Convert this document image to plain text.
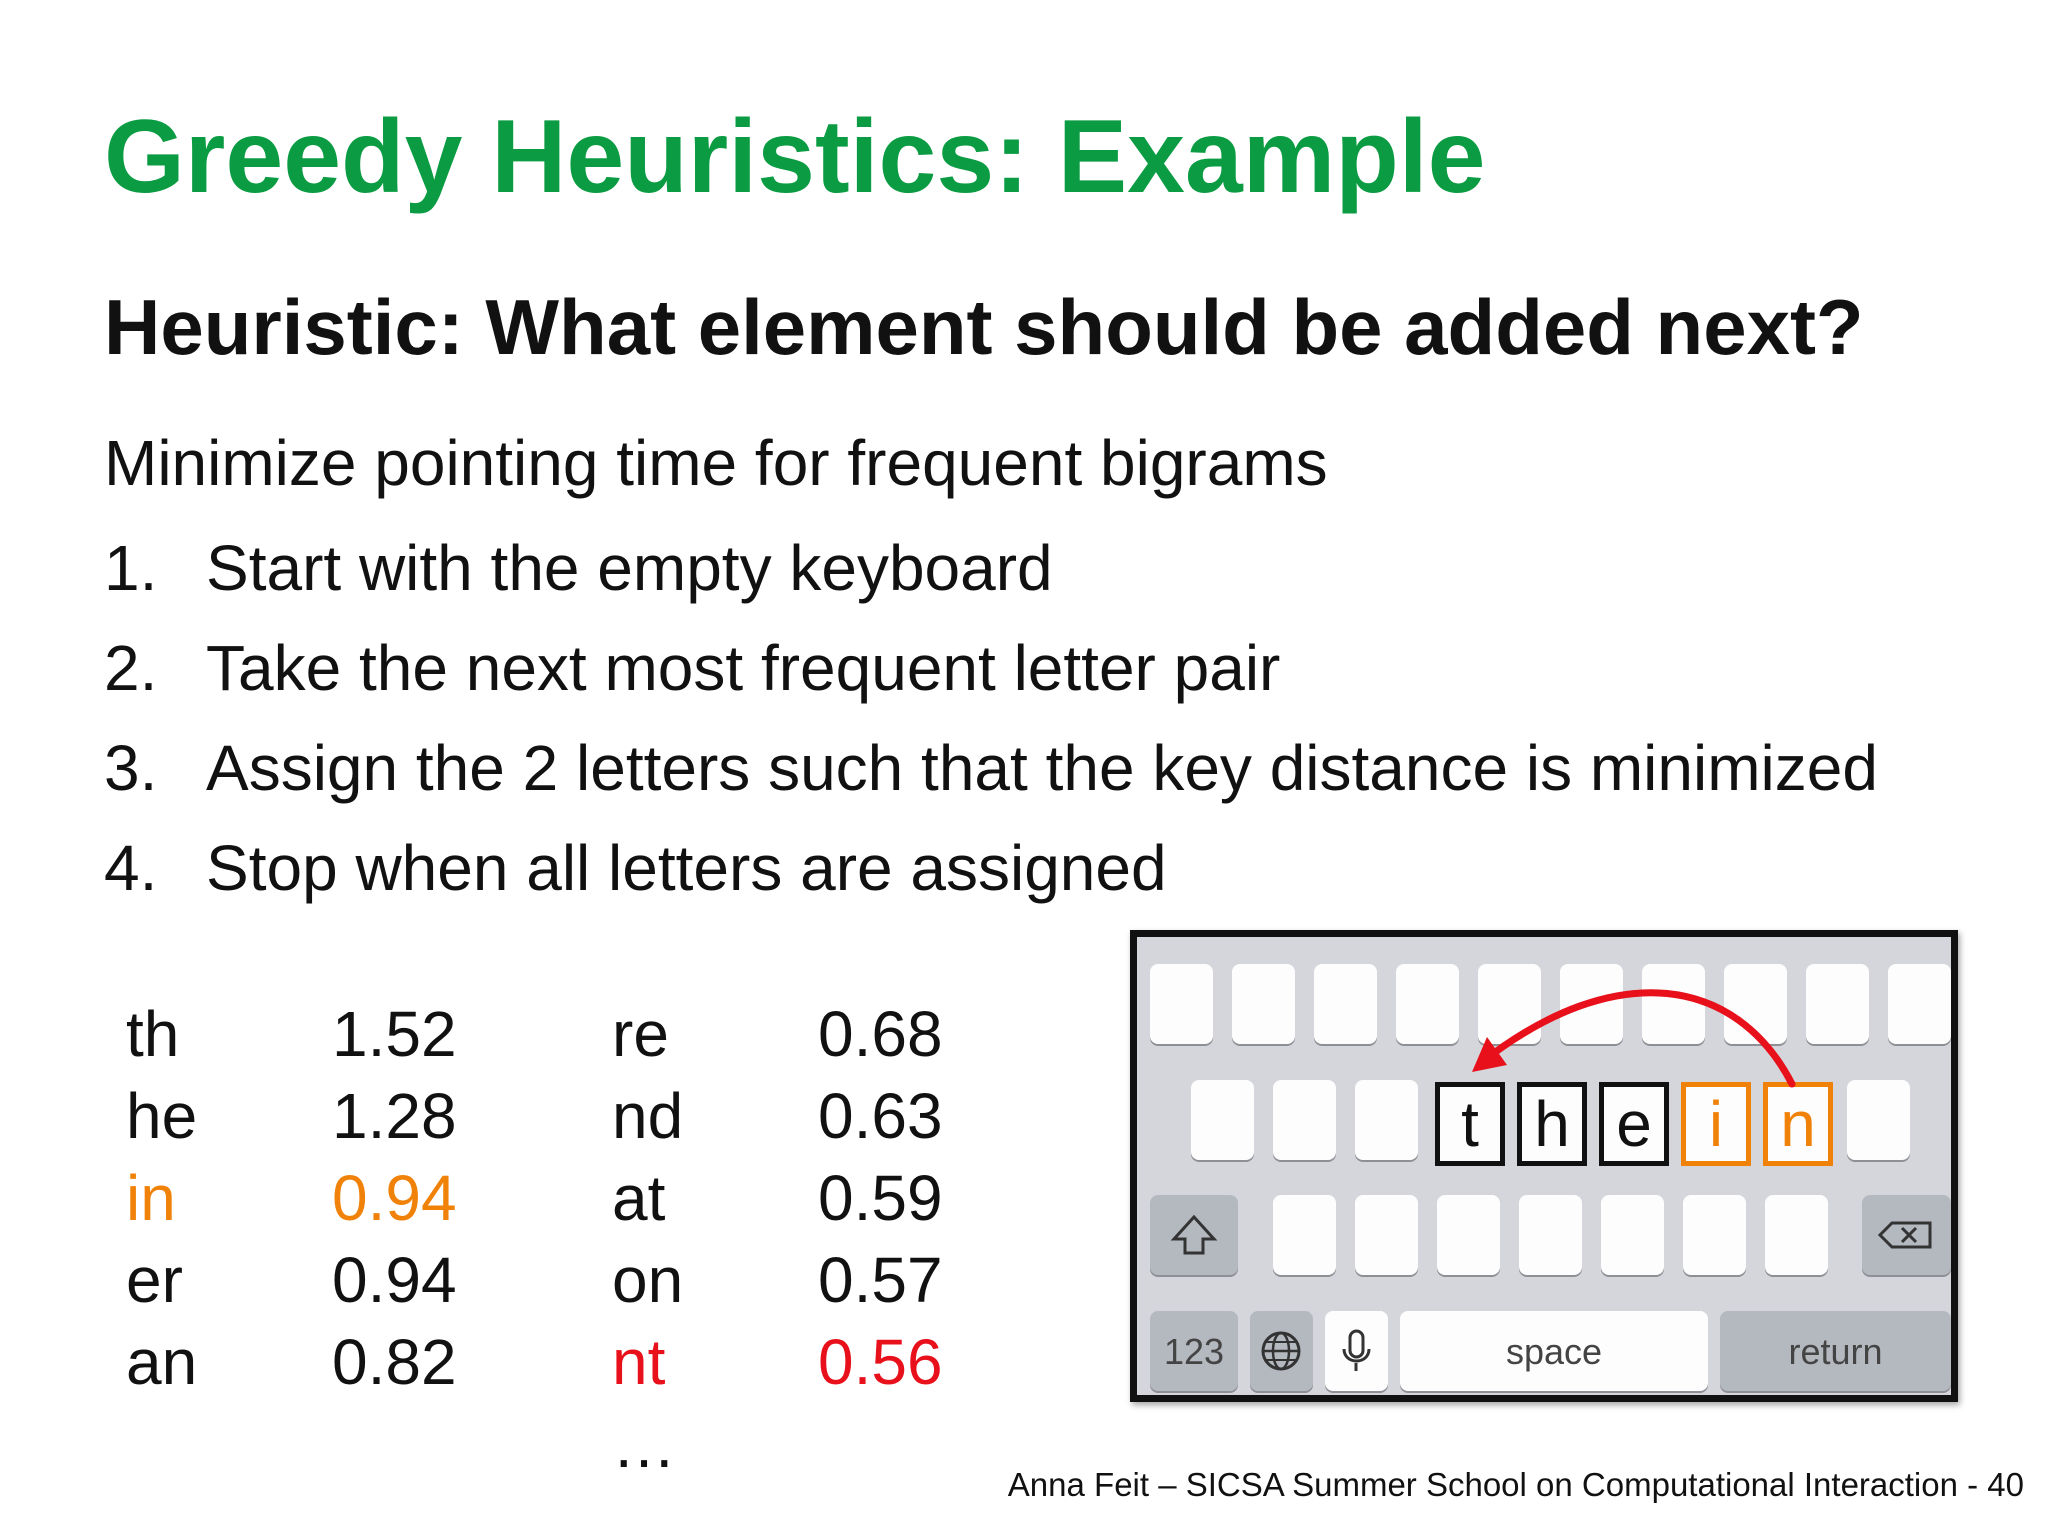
Greedy Heuristics: Example
Heuristic: What element should be added next?
Minimize pointing time for frequent bigrams
1. Start with the empty keyboard
2. Take the next most frequent letter pair
3. Assign the 2 letters such that the key distance is minimized
4. Stop when all letters are assigned
th 1.52
he 1.28
in 0.94
er 0.94
an 0.82
re 0.68
nd 0.63
at 0.59
on 0.57
nt 0.56
…
t h e i n
123	space	return
Anna Feit – SICSA Summer School on Computational Interaction - 40
